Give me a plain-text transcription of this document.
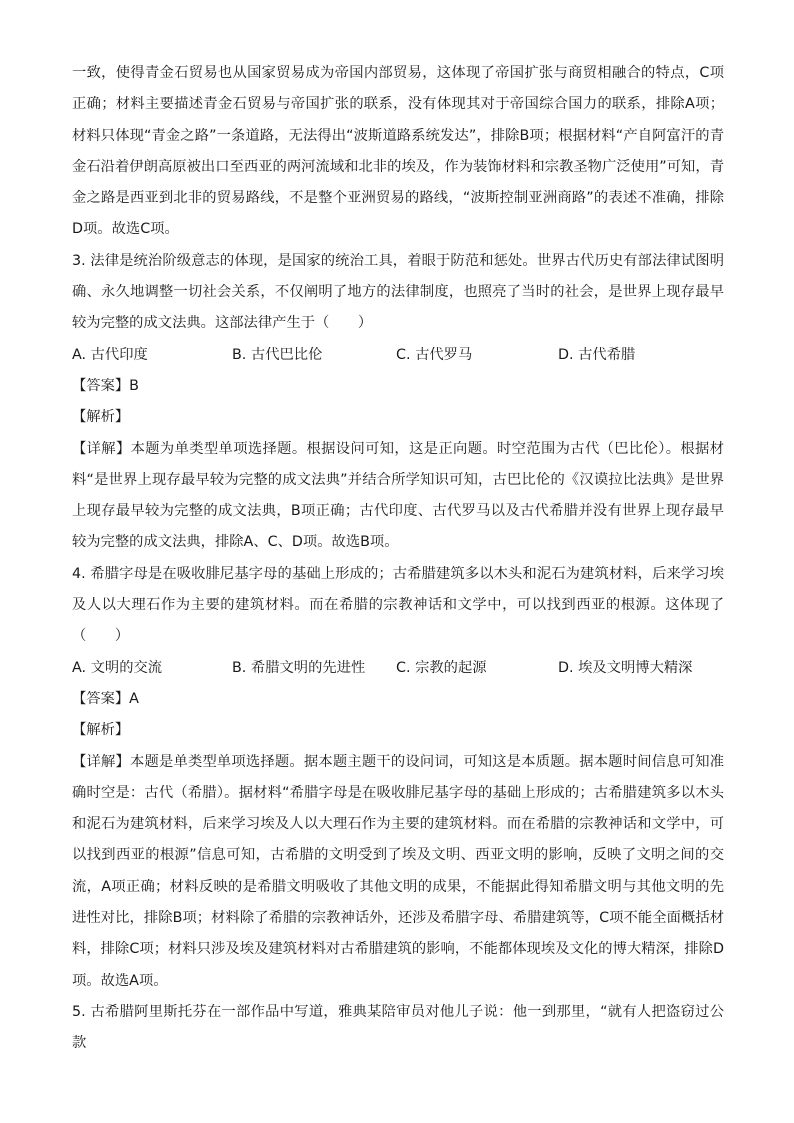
一致，使得青金石贸易也从国家贸易成为帝国内部贸易，这体现了帝国扩张与商贸相融合的特点，C项正确；材料主要描述青金石贸易与帝国扩张的联系，没有体现其对于帝国综合国力的联系，排除A项；材料只体现“青金之路”一条道路，无法得出“波斯道路系统发达”，排除B项；根据材料“产自阿富汗的青金石沿着伊朗高原被出口至西亚的两河流域和北非的埃及，作为装饰材料和宗教圣物广泛使用”可知，青金之路是西亚到北非的贸易路线，不是整个亚洲贸易的路线，“波斯控制亚洲商路”的表述不准确，排除D项。故选C项。

3. 法律是统治阶级意志的体现，是国家的统治工具，着眼于防范和惩处。世界古代历史有部法律试图明确、永久地调整一切社会关系，不仅阐明了地方的法律制度，也照亮了当时的社会，是世界上现存最早较为完整的成文法典。这部法律产生于（　　）

A. 古代印度	B. 古代巴比伦	C. 古代罗马	D. 古代希腊

【答案】B

【解析】

【详解】本题为单类型单项选择题。根据设问可知，这是正向题。时空范围为古代（巴比伦）。根据材料“是世界上现存最早较为完整的成文法典”并结合所学知识可知，古巴比伦的《汉谟拉比法典》是世界上现存最早较为完整的成文法典，B项正确；古代印度、古代罗马以及古代希腊并没有世界上现存最早较为完整的成文法典，排除A、C、D项。故选B项。

4. 希腊字母是在吸收腓尼基字母的基础上形成的；古希腊建筑多以木头和泥石为建筑材料，后来学习埃及人以大理石作为主要的建筑材料。而在希腊的宗教神话和文学中，可以找到西亚的根源。这体现了（　　）

A. 文明的交流	B. 希腊文明的先进性	C. 宗教的起源	D. 埃及文明博大精深

【答案】A

【解析】

【详解】本题是单类型单项选择题。据本题主题干的设问词，可知这是本质题。据本题时间信息可知准确时空是：古代（希腊）。据材料“希腊字母是在吸收腓尼基字母的基础上形成的；古希腊建筑多以木头和泥石为建筑材料，后来学习埃及人以大理石作为主要的建筑材料。而在希腊的宗教神话和文学中，可以找到西亚的根源”信息可知，古希腊的文明受到了埃及文明、西亚文明的影响，反映了文明之间的交流，A项正确；材料反映的是希腊文明吸收了其他文明的成果，不能据此得知希腊文明与其他文明的先进性对比，排除B项；材料除了希腊的宗教神话外，还涉及希腊字母、希腊建筑等，C项不能全面概括材料，排除C项；材料只涉及埃及建筑材料对古希腊建筑的影响，不能都体现埃及文化的博大精深，排除D项。故选A项。

5. 古希腊阿里斯托芬在一部作品中写道，雅典某陪审员对他儿子说：他一到那里，“就有人把盗窃过公款
